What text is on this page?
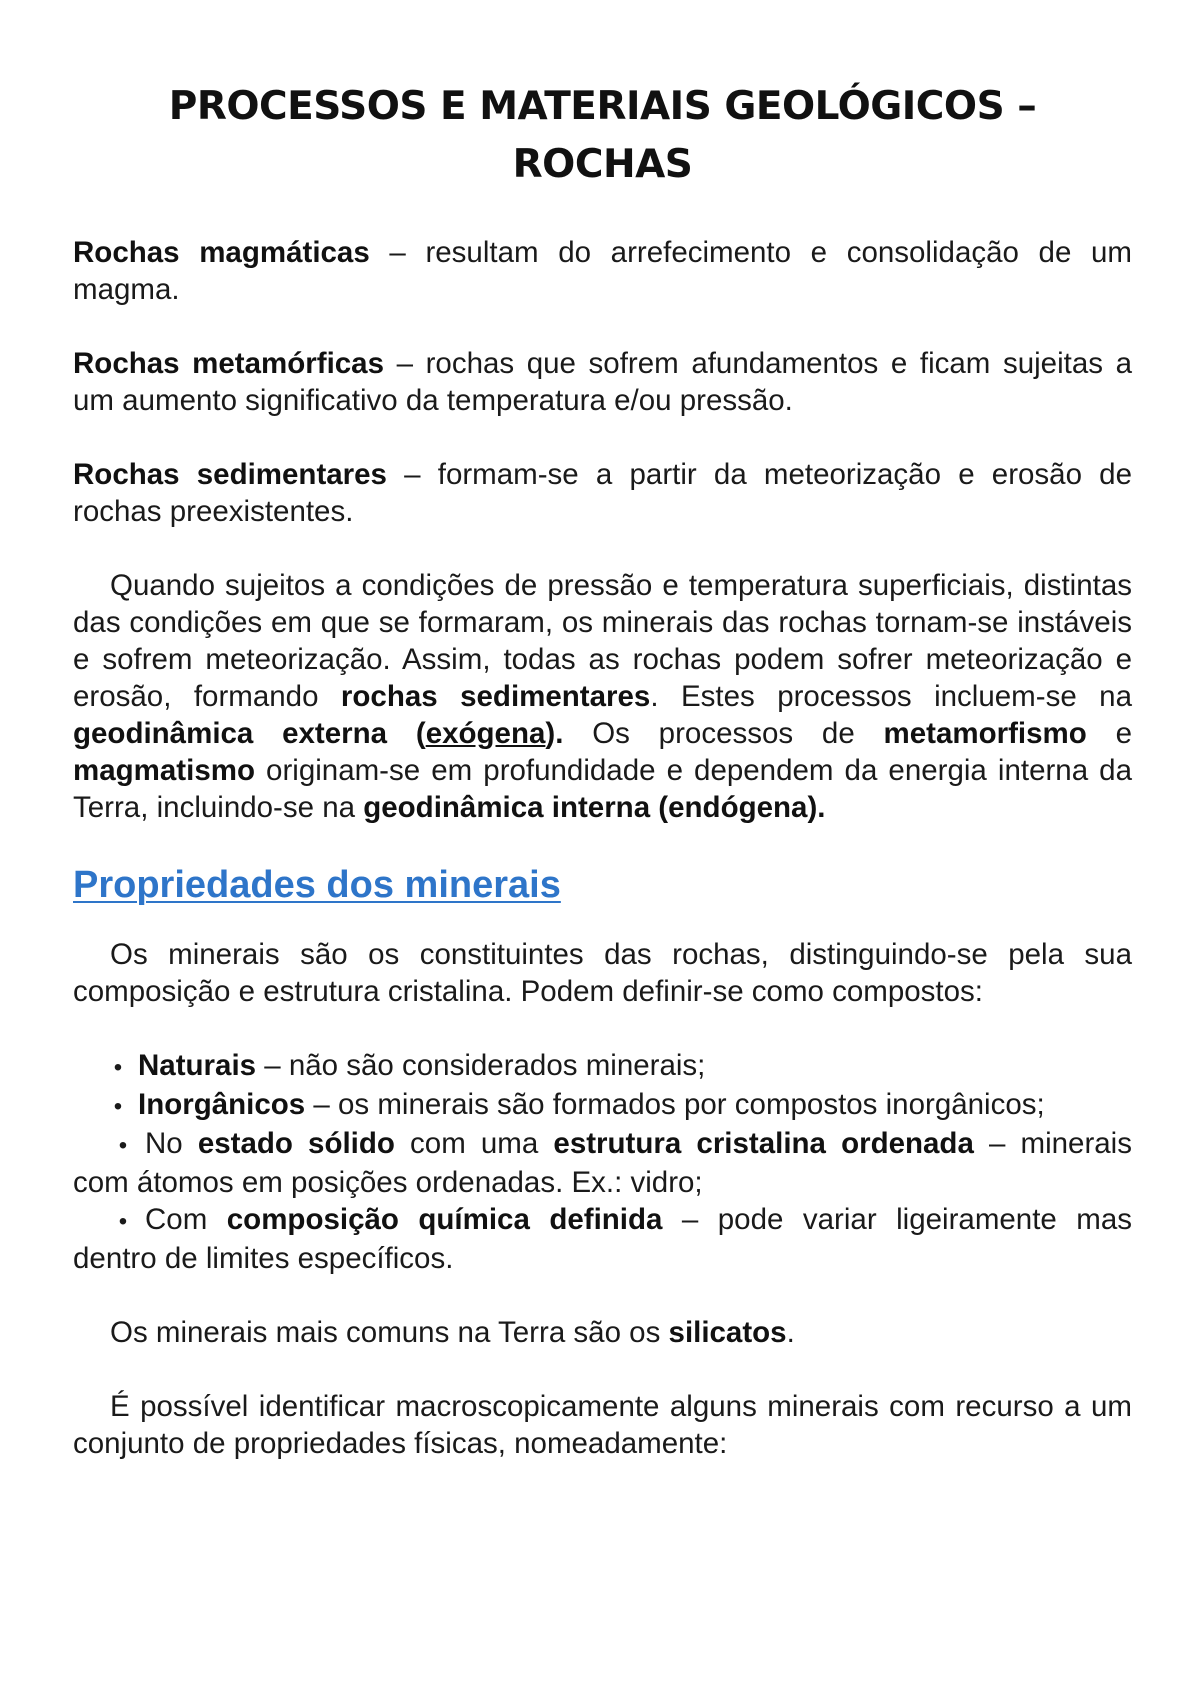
PROCESSOS E MATERIAIS GEOLÓGICOS –
ROCHAS

Rochas magmáticas – resultam do arrefecimento e consolidação de um magma.

Rochas metamórficas – rochas que sofrem afundamentos e ficam sujeitas a um aumento significativo da temperatura e/ou pressão.

Rochas sedimentares – formam-se a partir da meteorização e erosão de rochas preexistentes.

Quando sujeitos a condições de pressão e temperatura superficiais, distintas das condições em que se formaram, os minerais das rochas tornam-se instáveis e sofrem meteorização. Assim, todas as rochas podem sofrer meteorização e erosão, formando rochas sedimentares. Estes processos incluem-se na geodinâmica externa (exógena). Os processos de metamorfismo e magmatismo originam-se em profundidade e dependem da energia interna da Terra, incluindo-se na geodinâmica interna (endógena).

Propriedades dos minerais

Os minerais são os constituintes das rochas, distinguindo-se pela sua composição e estrutura cristalina. Podem definir-se como compostos:

• Naturais – não são considerados minerais;
• Inorgânicos – os minerais são formados por compostos inorgânicos;
• No estado sólido com uma estrutura cristalina ordenada – minerais com átomos em posições ordenadas. Ex.: vidro;
• Com composição química definida – pode variar ligeiramente mas dentro de limites específicos.

Os minerais mais comuns na Terra são os silicatos.

É possível identificar macroscopicamente alguns minerais com recurso a um conjunto de propriedades físicas, nomeadamente:
